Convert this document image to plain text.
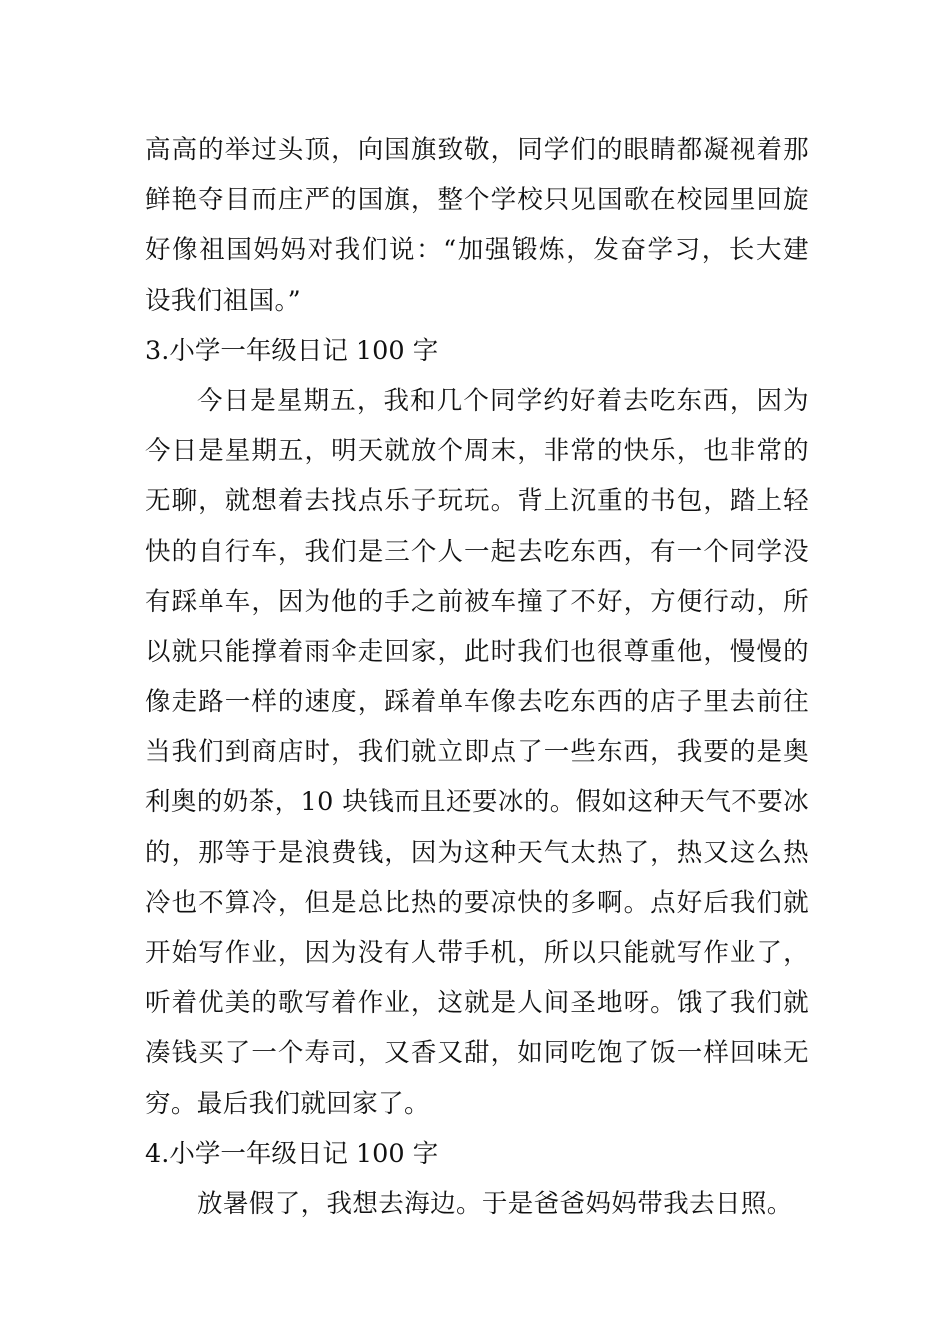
高高的举过头顶，向国旗致敬，同学们的眼睛都凝视着那
鲜艳夺目而庄严的国旗，整个学校只见国歌在校园里回旋
好像祖国妈妈对我们说：“加强锻炼，发奋学习，长大建
设我们祖国。”
3.小学一年级日记 100 字
今日是星期五，我和几个同学约好着去吃东西，因为
今日是星期五，明天就放个周末，非常的快乐，也非常的
无聊，就想着去找点乐子玩玩。背上沉重的书包，踏上轻
快的自行车，我们是三个人一起去吃东西，有一个同学没
有踩单车，因为他的手之前被车撞了不好，方便行动，所
以就只能撑着雨伞走回家，此时我们也很尊重他，慢慢的
像走路一样的速度，踩着单车像去吃东西的店子里去前往
当我们到商店时，我们就立即点了一些东西，我要的是奥
利奥的奶茶，10 块钱而且还要冰的。假如这种天气不要冰
的，那等于是浪费钱，因为这种天气太热了，热又这么热
冷也不算冷，但是总比热的要凉快的多啊。点好后我们就
开始写作业，因为没有人带手机，所以只能就写作业了，
听着优美的歌写着作业，这就是人间圣地呀。饿了我们就
凑钱买了一个寿司，又香又甜，如同吃饱了饭一样回味无
穷。最后我们就回家了。
4.小学一年级日记 100 字
放暑假了，我想去海边。于是爸爸妈妈带我去日照。
